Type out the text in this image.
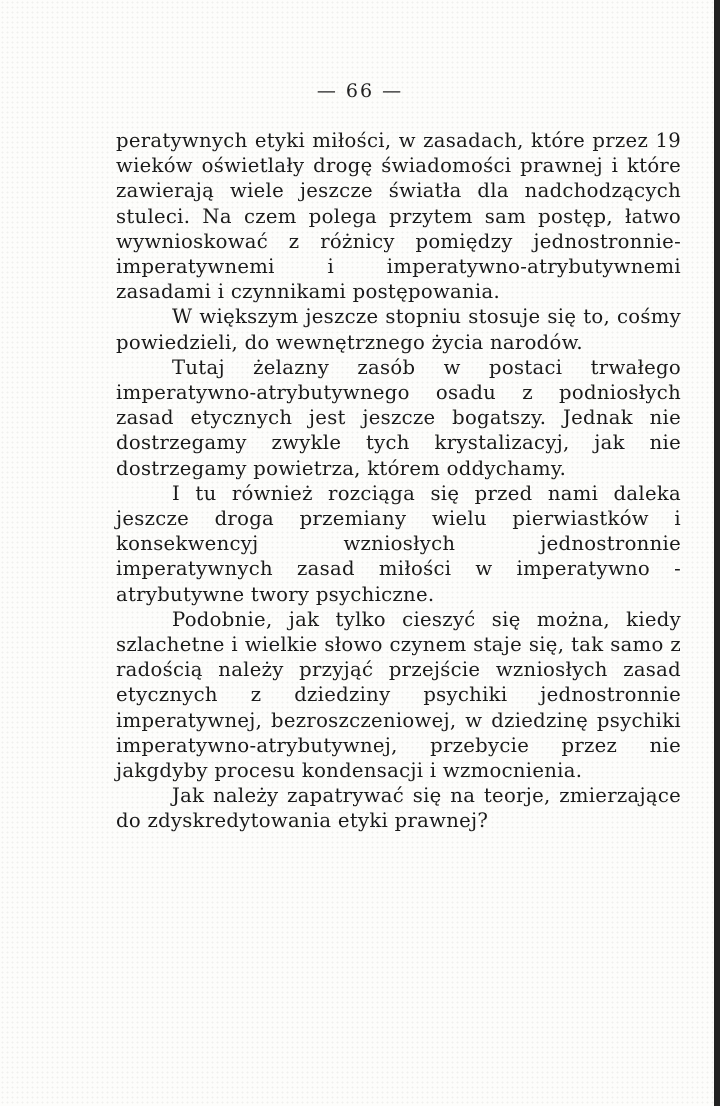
— 66 —

peratywnych etyki miłości, w zasadach, które przez 19 wieków oświetlały drogę świadomości prawnej i które zawierają wiele jeszcze światła dla nadchodzących stuleci. Na czem polega przytem sam postęp, łatwo wywnioskować z różnicy pomiędzy jednostronnie-imperatywnemi i imperatywno-atrybutywnemi zasadami i czynnikami postępowania.

W większym jeszcze stopniu stosuje się to, cośmy powiedzieli, do wewnętrznego życia narodów.

Tutaj żelazny zasób w postaci trwałego imperatywno-atrybutywnego osadu z podniosłych zasad etycznych jest jeszcze bogatszy. Jednak nie dostrzegamy zwykle tych krystalizacyj, jak nie dostrzegamy powietrza, którem oddychamy.

I tu również rozciąga się przed nami daleka jeszcze droga przemiany wielu pierwiastków i konsekwencyj wzniosłych jednostronnie imperatywnych zasad miłości w imperatywno - atrybutywne twory psychiczne.

Podobnie, jak tylko cieszyć się można, kiedy szlachetne i wielkie słowo czynem staje się, tak samo z radością należy przyjąć przejście wzniosłych zasad etycznych z dziedziny psychiki jednostronnie imperatywnej, bezroszczeniowej, w dziedzinę psychiki imperatywno-atrybutywnej, przebycie przez nie jakgdyby procesu kondensacji i wzmocnienia.

Jak należy zapatrywać się na teorje, zmierzające do zdyskredytowania etyki prawnej?
